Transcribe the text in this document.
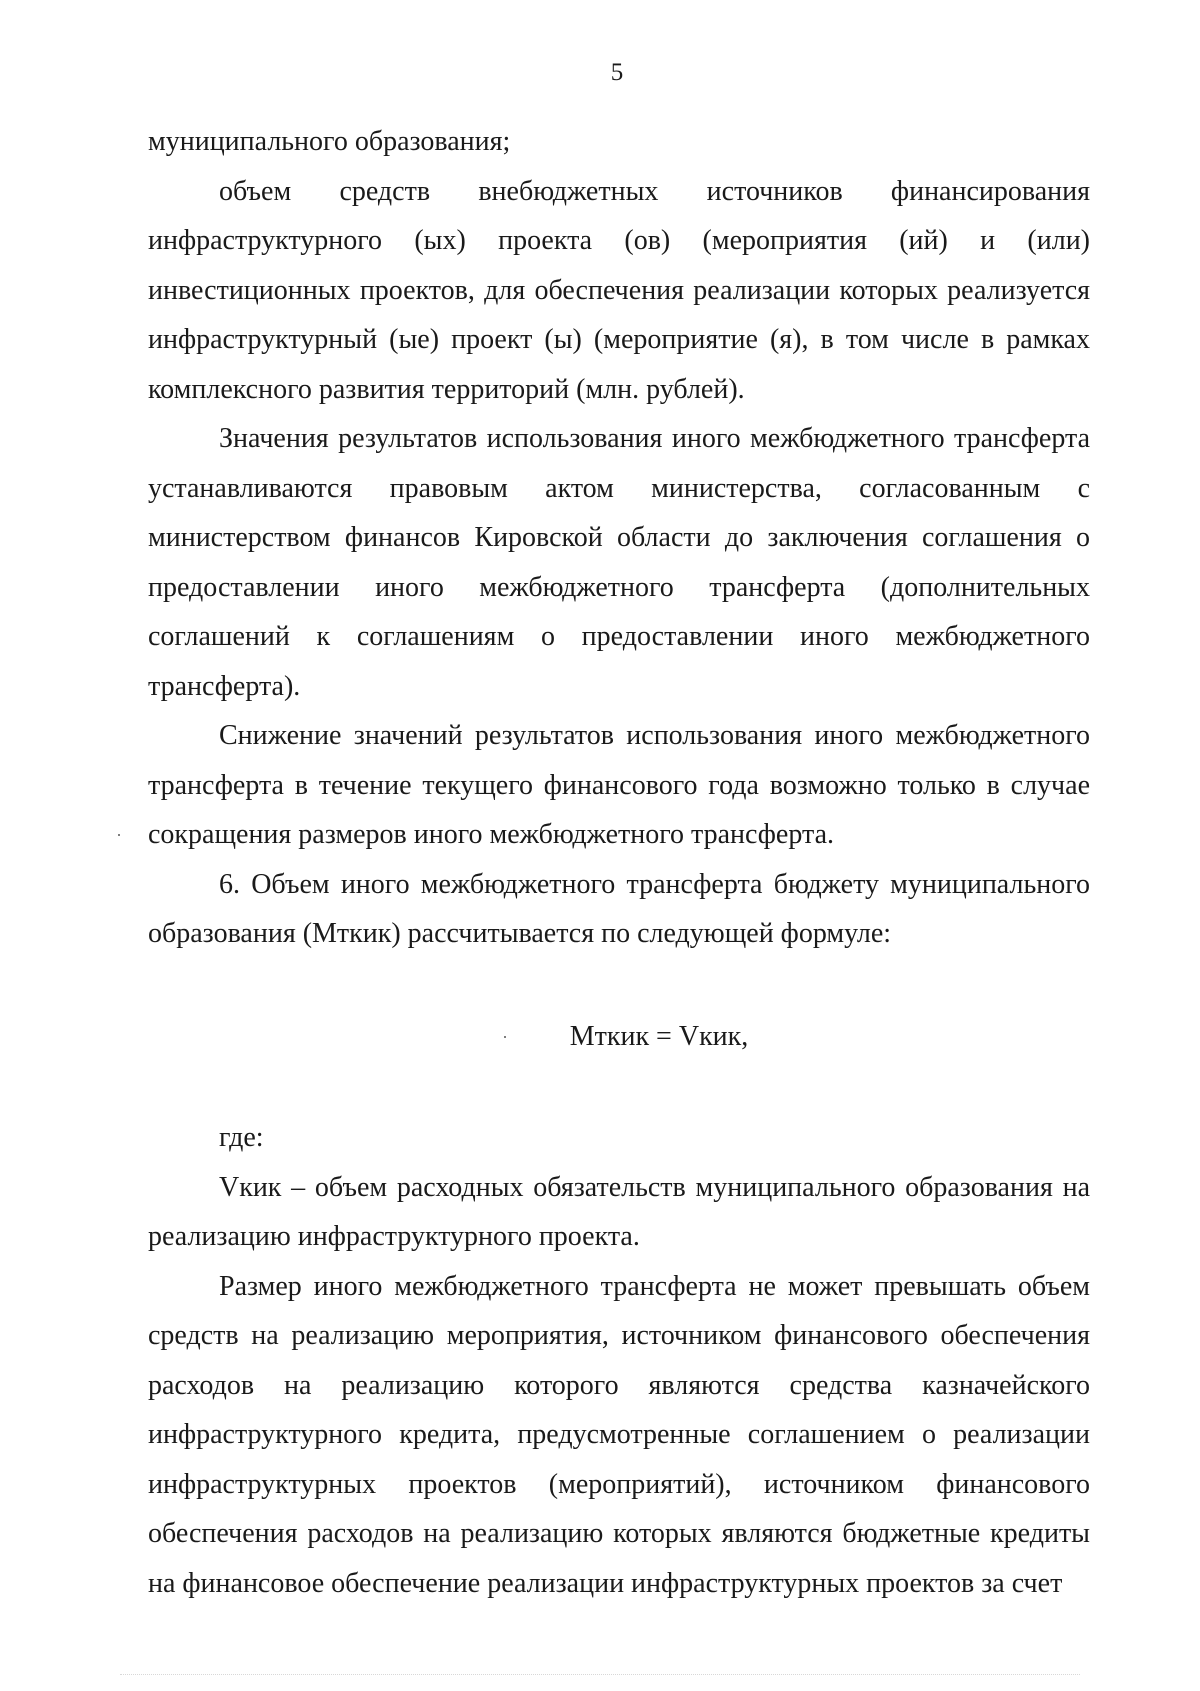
5

муниципального образования;

объем средств внебюджетных источников финансирования инфраструктурного (ых) проекта (ов) (мероприятия (ий) и (или) инвестиционных проектов, для обеспечения реализации которых реализуется инфраструктурный (ые) проект (ы) (мероприятие (я), в том числе в рамках комплексного развития территорий (млн. рублей).

Значения результатов использования иного межбюджетного трансферта устанавливаются правовым актом министерства, согласованным с министерством финансов Кировской области до заключения соглашения о предоставлении иного межбюджетного трансферта (дополнительных соглашений к соглашениям о предоставлении иного межбюджетного трансферта).

Снижение значений результатов использования иного межбюджетного трансферта в течение текущего финансового года возможно только в случае сокращения размеров иного межбюджетного трансферта.

6. Объем иного межбюджетного трансферта бюджету муниципального образования (Мткик) рассчитывается по следующей формуле:

Мткик = Vкик,

где:

Vкик – объем расходных обязательств муниципального образования на реализацию инфраструктурного проекта.

Размер иного межбюджетного трансферта не может превышать объем средств на реализацию мероприятия, источником финансового обеспечения расходов на реализацию которого являются средства казначейского инфраструктурного кредита, предусмотренные соглашением о реализации инфраструктурных проектов (мероприятий), источником финансового обеспечения расходов на реализацию которых являются бюджетные кредиты на финансовое обеспечение реализации инфраструктурных проектов за счет
